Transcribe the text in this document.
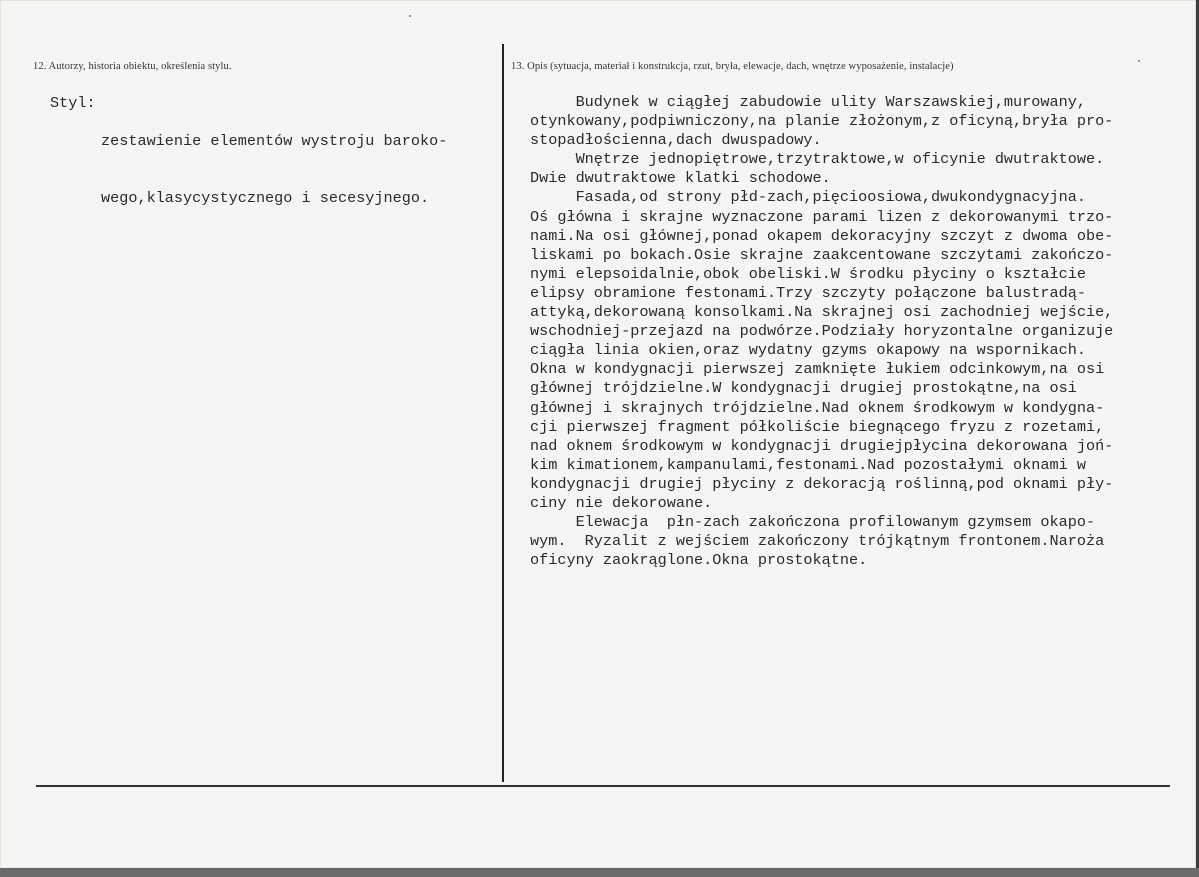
12. Autorzy, historia obiektu, określenia stylu.	13. Opis (sytuacja, materiał i konstrukcja, rzut, bryła, elewacje, dach, wnętrze wyposażenie, instalacje)
Styl:

zestawienie elementów wystroju baroko-

wego,klasycystycznego i secesyjnego.

Budynek w ciągłej zabudowie ulity Warszawskiej,murowany,
otynkowany,podpiwniczony,na planie złożonym,z oficyną,bryła pro-
stopadłościenna,dach dwuspadowy.
Wnętrze jednopiętrowe,trzytraktowe,w oficynie dwutraktowe.
Dwie dwutraktowe klatki schodowe.
Fasada,od strony płd-zach,pięcioosiowa,dwukondygnacyjna.
Oś główna i skrajne wyznaczone parami lizen z dekorowanymi trzo-
nami.Na osi głównej,ponad okapem dekoracyjny szczyt z dwoma obe-
liskami po bokach.Osie skrajne zaakcentowane szczytami zakończo-
nymi elepsoidalnie,obok obeliski.W środku płyciny o kształcie
elipsy obramione festonami.Trzy szczyty połączone balustradą-
attyką,dekorowaną konsolkami.Na skrajnej osi zachodniej wejście,
wschodniej-przejazd na podwórze.Podziały horyzontalne organizuje
ciągła linia okien,oraz wydatny gzyms okapowy na wspornikach.
Okna w kondygnacji pierwszej zamknięte łukiem odcinkowym,na osi
głównej trójdzielne.W kondygnacji drugiej prostokątne,na osi
głównej i skrajnych trójdzielne.Nad oknem środkowym w kondygna-
cji pierwszej fragment półkoliście biegnącego fryzu z rozetami,
nad oknem środkowym w kondygnacji drugiejpłycina dekorowana joń-
kim kimationem,kampanulami,festonami.Nad pozostałymi oknami w
kondygnacji drugiej płyciny z dekoracją roślinną,pod oknami pły-
ciny nie dekorowane.
Elewacja  płn-zach zakończona profilowanym gzymsem okapo-
wym.  Ryzalit z wejściem zakończony trójkątnym frontonem.Naroża
oficyny zaokrąglone.Okna prostokątne.
